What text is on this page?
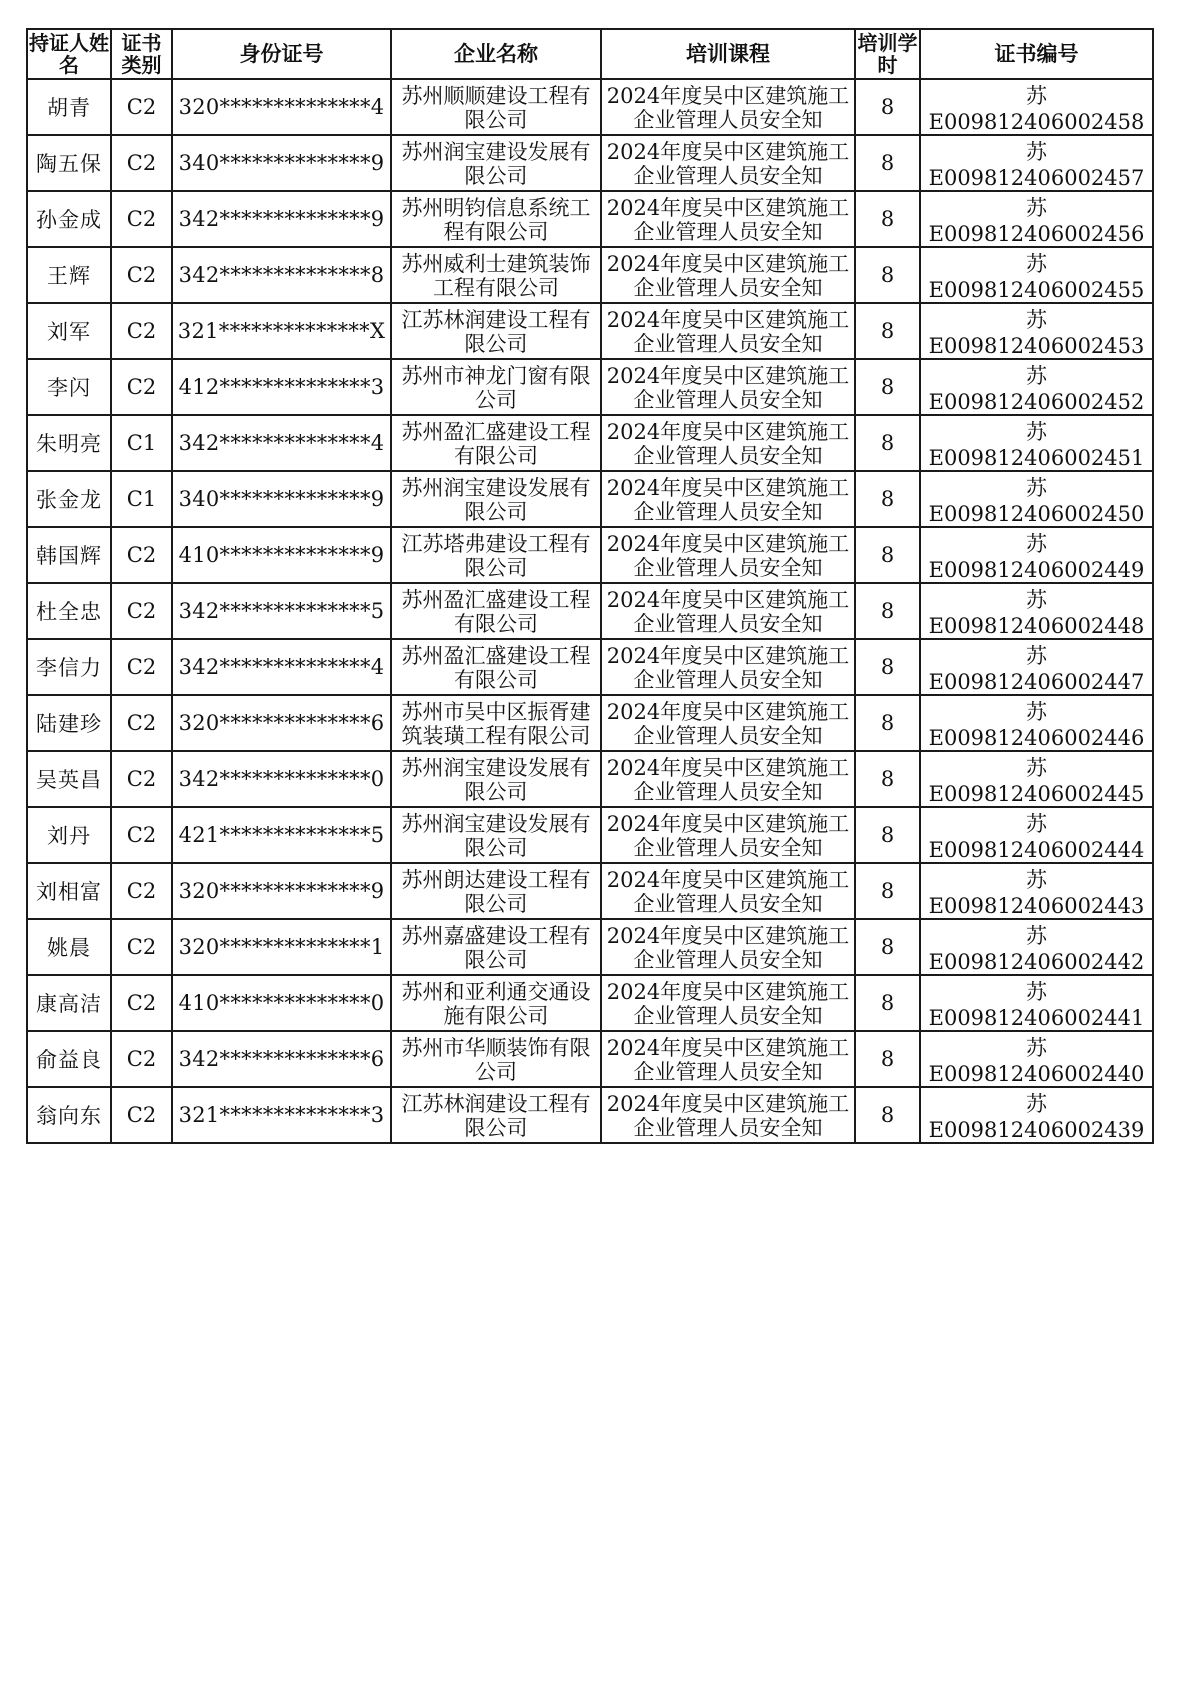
持证人姓名	证书类别	身份证号	企业名称	培训课程	培训学时	证书编号
胡青	C2	320**************4	苏州顺顺建设工程有限公司	2024年度吴中区建筑施工企业管理人员安全知	8	苏E009812406002458
陶五保	C2	340**************9	苏州润宝建设发展有限公司	2024年度吴中区建筑施工企业管理人员安全知	8	苏E009812406002457
孙金成	C2	342**************9	苏州明钧信息系统工程有限公司	2024年度吴中区建筑施工企业管理人员安全知	8	苏E009812406002456
王辉	C2	342**************8	苏州威利士建筑装饰工程有限公司	2024年度吴中区建筑施工企业管理人员安全知	8	苏E009812406002455
刘军	C2	321**************X	江苏林润建设工程有限公司	2024年度吴中区建筑施工企业管理人员安全知	8	苏E009812406002453
李闪	C2	412**************3	苏州市神龙门窗有限公司	2024年度吴中区建筑施工企业管理人员安全知	8	苏E009812406002452
朱明亮	C1	342**************4	苏州盈汇盛建设工程有限公司	2024年度吴中区建筑施工企业管理人员安全知	8	苏E009812406002451
张金龙	C1	340**************9	苏州润宝建设发展有限公司	2024年度吴中区建筑施工企业管理人员安全知	8	苏E009812406002450
韩国辉	C2	410**************9	江苏塔弗建设工程有限公司	2024年度吴中区建筑施工企业管理人员安全知	8	苏E009812406002449
杜全忠	C2	342**************5	苏州盈汇盛建设工程有限公司	2024年度吴中区建筑施工企业管理人员安全知	8	苏E009812406002448
李信力	C2	342**************4	苏州盈汇盛建设工程有限公司	2024年度吴中区建筑施工企业管理人员安全知	8	苏E009812406002447
陆建珍	C2	320**************6	苏州市吴中区振胥建筑装璜工程有限公司	2024年度吴中区建筑施工企业管理人员安全知	8	苏E009812406002446
吴英昌	C2	342**************0	苏州润宝建设发展有限公司	2024年度吴中区建筑施工企业管理人员安全知	8	苏E009812406002445
刘丹	C2	421**************5	苏州润宝建设发展有限公司	2024年度吴中区建筑施工企业管理人员安全知	8	苏E009812406002444
刘相富	C2	320**************9	苏州朗达建设工程有限公司	2024年度吴中区建筑施工企业管理人员安全知	8	苏E009812406002443
姚晨	C2	320**************1	苏州嘉盛建设工程有限公司	2024年度吴中区建筑施工企业管理人员安全知	8	苏E009812406002442
康高洁	C2	410**************0	苏州和亚利通交通设施有限公司	2024年度吴中区建筑施工企业管理人员安全知	8	苏E009812406002441
俞益良	C2	342**************6	苏州市华顺装饰有限公司	2024年度吴中区建筑施工企业管理人员安全知	8	苏E009812406002440
翁向东	C2	321**************3	江苏林润建设工程有限公司	2024年度吴中区建筑施工企业管理人员安全知	8	苏E009812406002439
